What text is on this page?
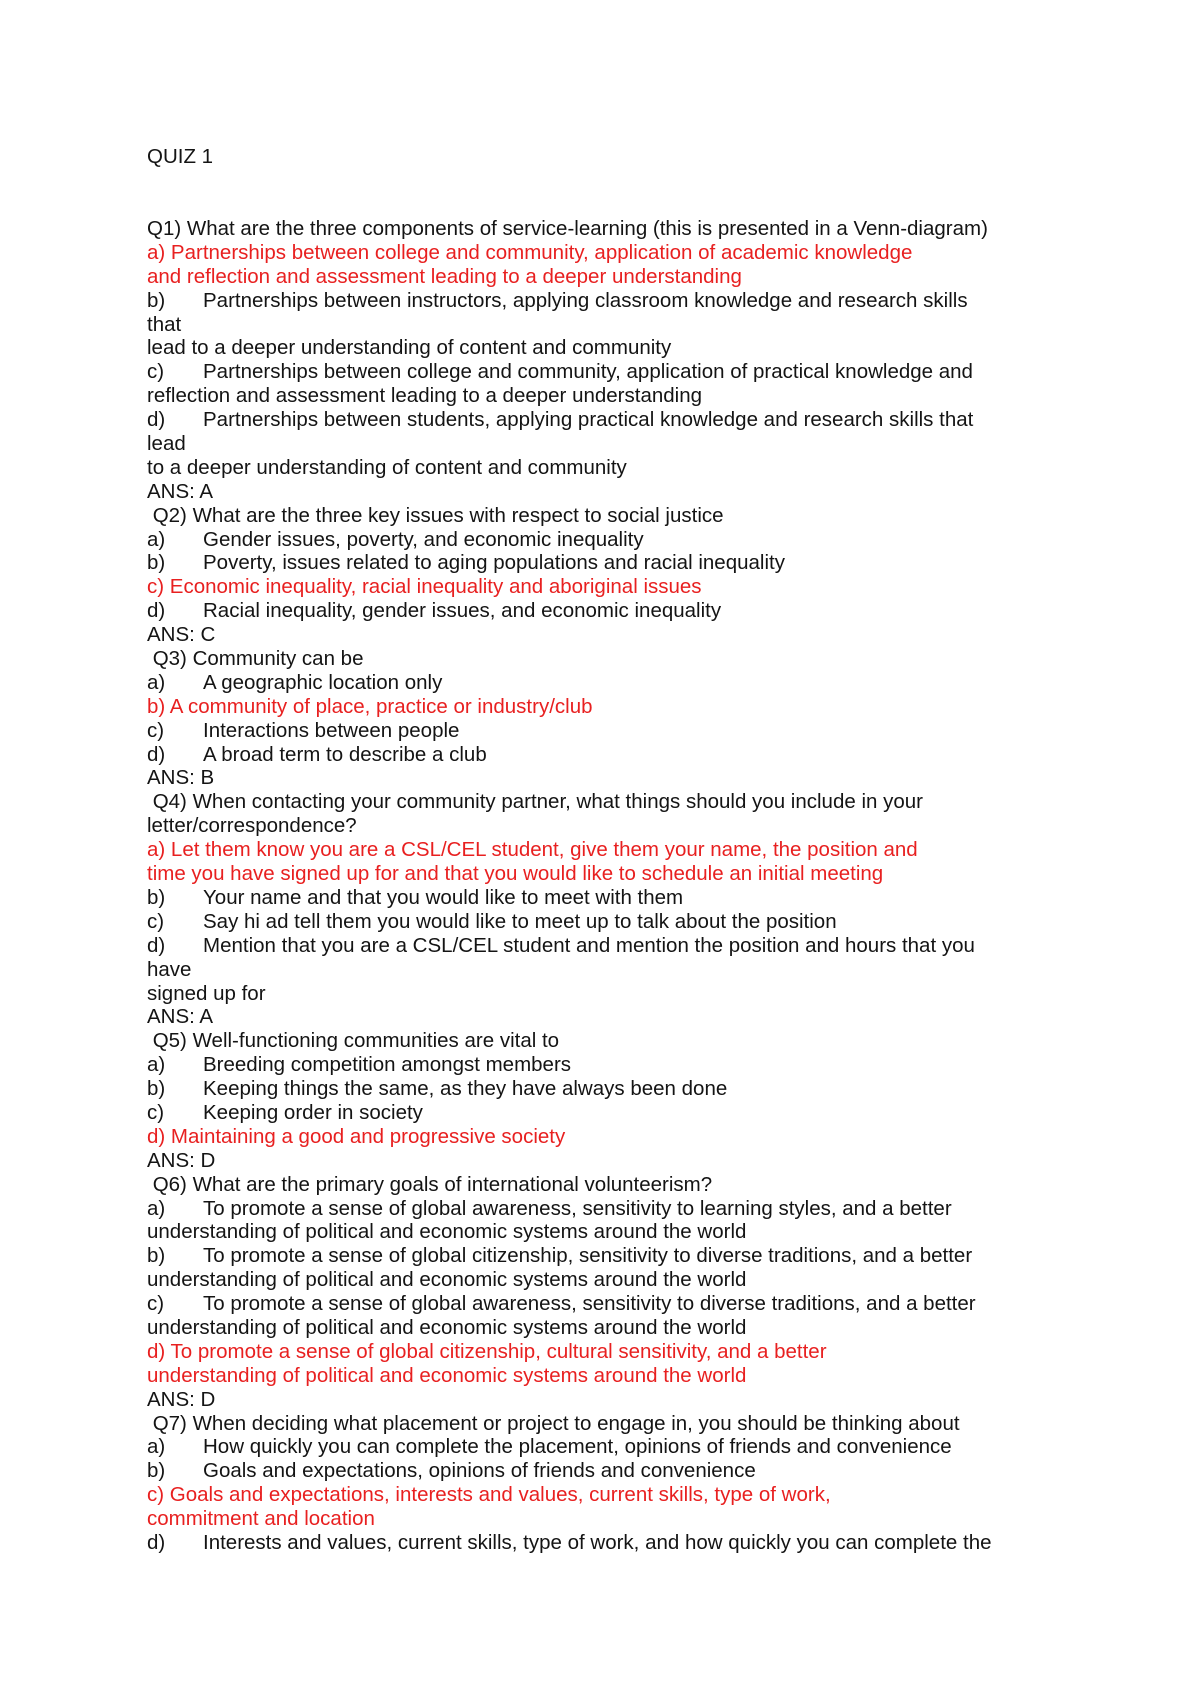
QUIZ 1
Q1) What are the three components of service-learning (this is presented in a Venn-diagram)
a) Partnerships between college and community, application of academic knowledge
and reflection and assessment leading to a deeper understanding
b) Partnerships between instructors, applying classroom knowledge and research skills
that
lead to a deeper understanding of content and community
c) Partnerships between college and community, application of practical knowledge and
reflection and assessment leading to a deeper understanding
d) Partnerships between students, applying practical knowledge and research skills that
lead
to a deeper understanding of content and community
ANS: A
Q2) What are the three key issues with respect to social justice
a) Gender issues, poverty, and economic inequality
b) Poverty, issues related to aging populations and racial inequality
c) Economic inequality, racial inequality and aboriginal issues
d) Racial inequality, gender issues, and economic inequality
ANS: C
Q3) Community can be
a) A geographic location only
b) A community of place, practice or industry/club
c) Interactions between people
d) A broad term to describe a club
ANS: B
Q4) When contacting your community partner, what things should you include in your
letter/correspondence?
a) Let them know you are a CSL/CEL student, give them your name, the position and
time you have signed up for and that you would like to schedule an initial meeting
b) Your name and that you would like to meet with them
c) Say hi ad tell them you would like to meet up to talk about the position
d) Mention that you are a CSL/CEL student and mention the position and hours that you
have
signed up for
ANS: A
Q5) Well-functioning communities are vital to
a) Breeding competition amongst members
b) Keeping things the same, as they have always been done
c) Keeping order in society
d) Maintaining a good and progressive society
ANS: D
Q6) What are the primary goals of international volunteerism?
a) To promote a sense of global awareness, sensitivity to learning styles, and a better
understanding of political and economic systems around the world
b) To promote a sense of global citizenship, sensitivity to diverse traditions, and a better
understanding of political and economic systems around the world
c) To promote a sense of global awareness, sensitivity to diverse traditions, and a better
understanding of political and economic systems around the world
d) To promote a sense of global citizenship, cultural sensitivity, and a better
understanding of political and economic systems around the world
ANS: D
Q7) When deciding what placement or project to engage in, you should be thinking about
a) How quickly you can complete the placement, opinions of friends and convenience
b) Goals and expectations, opinions of friends and convenience
c) Goals and expectations, interests and values, current skills, type of work,
commitment and location
d) Interests and values, current skills, type of work, and how quickly you can complete the
